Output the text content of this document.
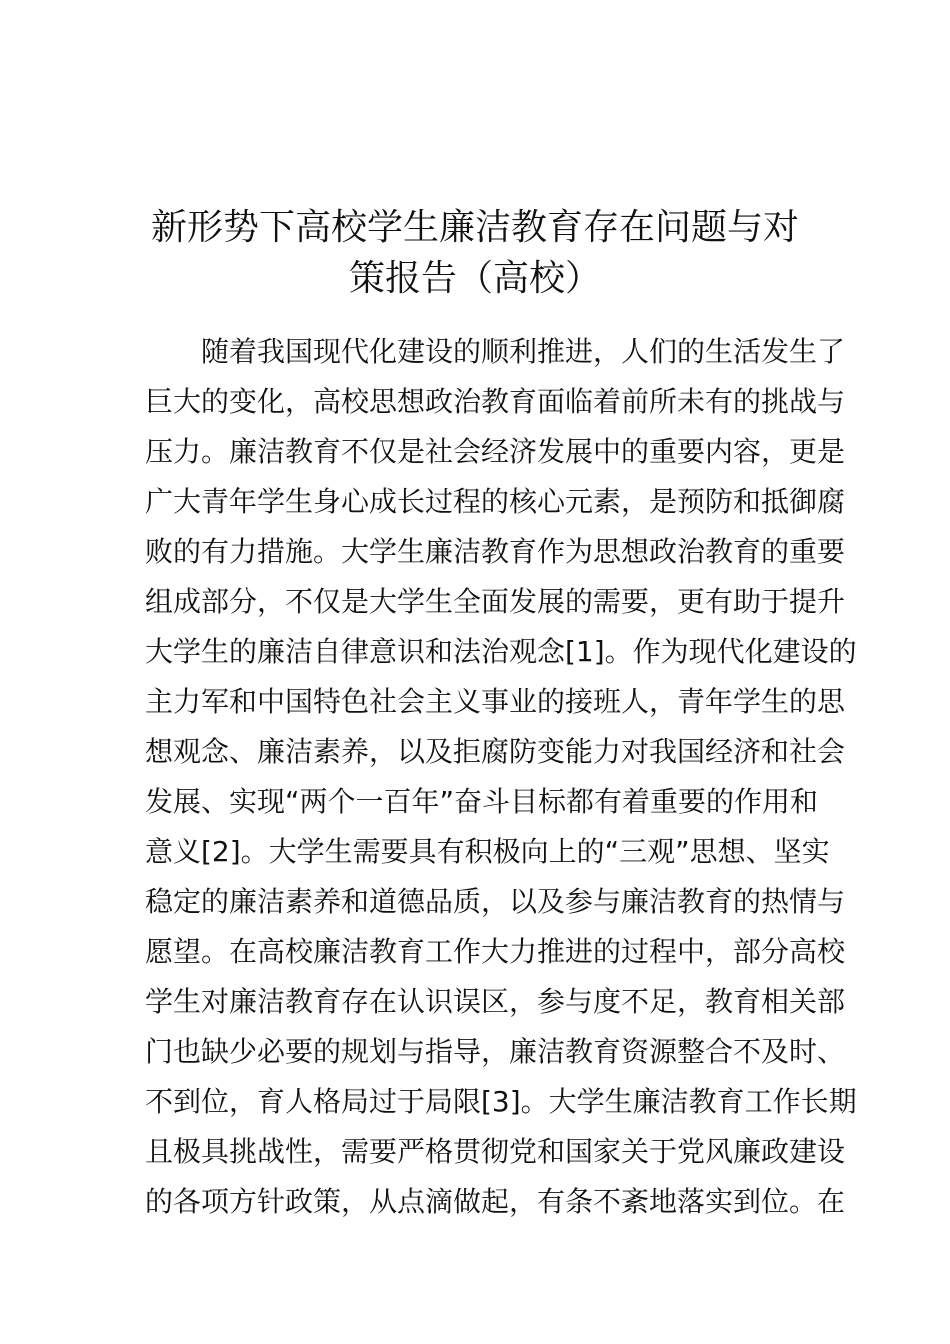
新形势下高校学生廉洁教育存在问题与对
策报告（高校）
随着我国现代化建设的顺利推进，人们的生活发生了
巨大的变化，高校思想政治教育面临着前所未有的挑战与
压力。廉洁教育不仅是社会经济发展中的重要内容，更是
广大青年学生身心成长过程的核心元素，是预防和抵御腐
败的有力措施。大学生廉洁教育作为思想政治教育的重要
组成部分，不仅是大学生全面发展的需要，更有助于提升
大学生的廉洁自律意识和法治观念[1]。作为现代化建设的
主力军和中国特色社会主义事业的接班人，青年学生的思
想观念、廉洁素养，以及拒腐防变能力对我国经济和社会
发展、实现“两个一百年”奋斗目标都有着重要的作用和
意义[2]。大学生需要具有积极向上的“三观”思想、坚实
稳定的廉洁素养和道德品质，以及参与廉洁教育的热情与
愿望。在高校廉洁教育工作大力推进的过程中，部分高校
学生对廉洁教育存在认识误区，参与度不足，教育相关部
门也缺少必要的规划与指导，廉洁教育资源整合不及时、
不到位，育人格局过于局限[3]。大学生廉洁教育工作长期
且极具挑战性，需要严格贯彻党和国家关于党风廉政建设
的各项方针政策，从点滴做起，有条不紊地落实到位。在
